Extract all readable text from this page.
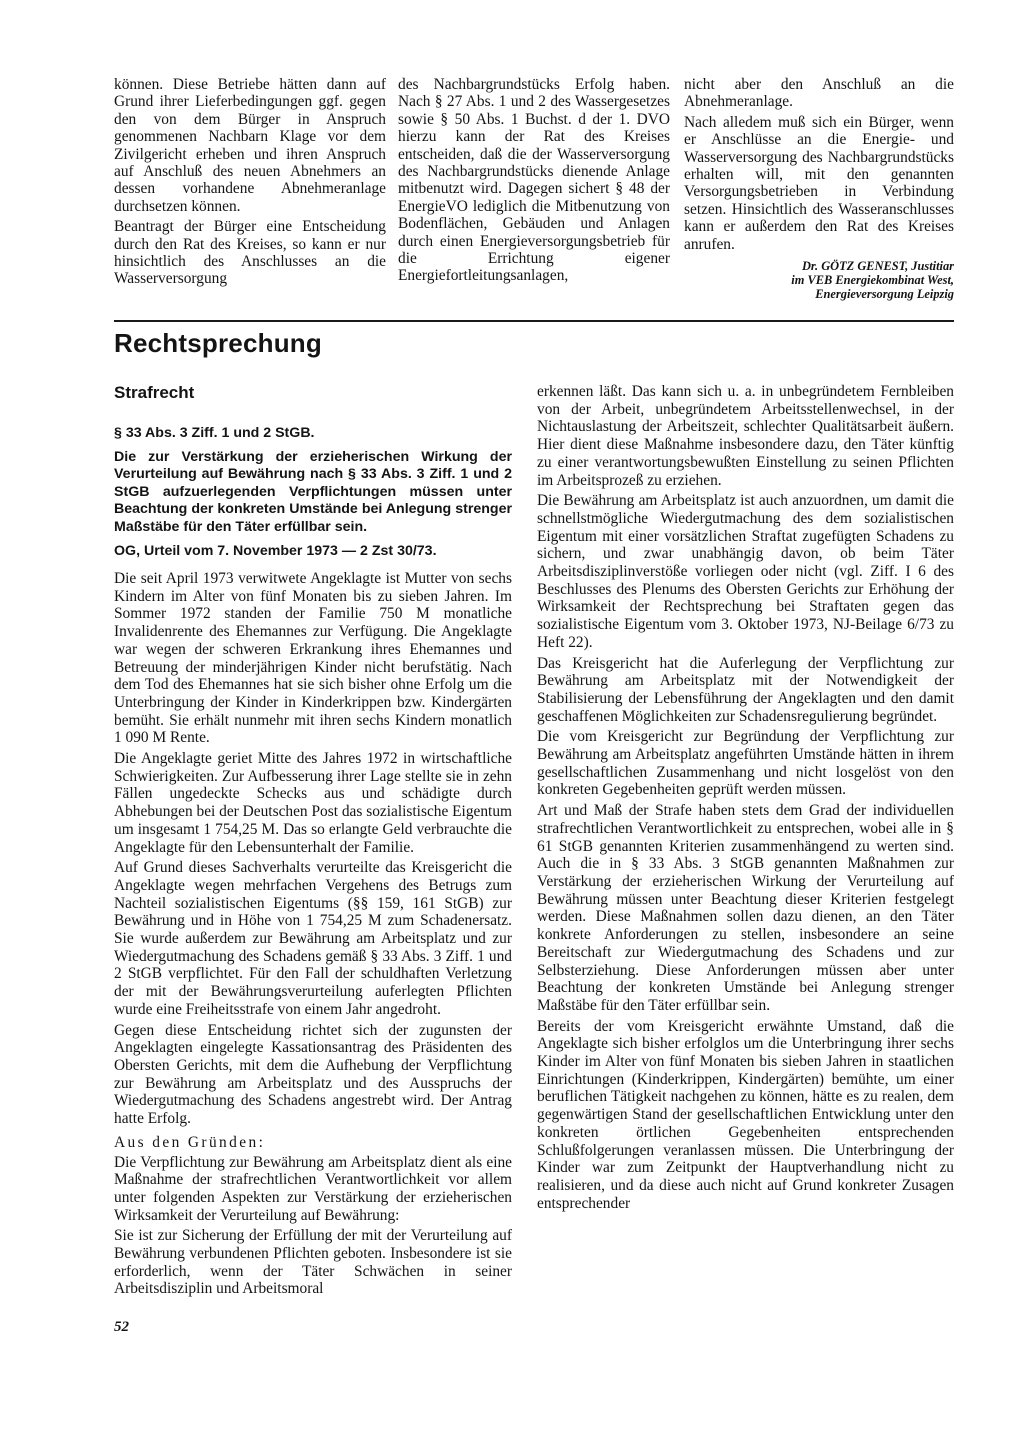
können. Diese Betriebe hätten dann auf Grund ihrer Lieferbedingungen ggf. gegen den von dem Bürger in Anspruch genommenen Nachbarn Klage vor dem Zivilgericht erheben und ihren Anspruch auf Anschluß des neuen Abnehmers an dessen vorhandene Abnehmeranlage durchsetzen können.

Beantragt der Bürger eine Entscheidung durch den Rat des Kreises, so kann er nur hinsichtlich des Anschlusses an die Wasserversorgung

des Nachbargrundstücks Erfolg haben. Nach § 27 Abs. 1 und 2 des Wassergesetzes sowie § 50 Abs. 1 Buchst. d der 1. DVO hierzu kann der Rat des Kreises entscheiden, daß die der Wasserversorgung des Nachbargrundstücks dienende Anlage mitbenutzt wird. Dagegen sichert § 48 der EnergieVO lediglich die Mitbenutzung von Bodenflächen, Gebäuden und Anlagen durch einen Energieversorgungsbetrieb für die Errichtung eigener Energiefortleitungsanlagen,

nicht aber den Anschluß an die Abnehmeranlage.

Nach alledem muß sich ein Bürger, wenn er Anschlüsse an die Energie- und Wasserversorgung des Nachbargrundstücks erhalten will, mit den genannten Versorgungsbetrieben in Verbindung setzen. Hinsichtlich des Wasseranschlusses kann er außerdem den Rat des Kreises anrufen.

Dr. GÖTZ GENEST, Justitiar
im VEB Energiekombinat West,
Energieversorgung Leipzig
Rechtsprechung
Strafrecht
§ 33 Abs. 3 Ziff. 1 und 2 StGB.
Die zur Verstärkung der erzieherischen Wirkung der Verurteilung auf Bewährung nach § 33 Abs. 3 Ziff. 1 und 2 StGB aufzuerlegenden Verpflichtungen müssen unter Beachtung der konkreten Umstände bei Anlegung strenger Maßstäbe für den Täter erfüllbar sein.
OG, Urteil vom 7. November 1973 — 2 Zst 30/73.

Die seit April 1973 verwitwete Angeklagte ist Mutter von sechs Kindern im Alter von fünf Monaten bis zu sieben Jahren. Im Sommer 1972 standen der Familie 750 M monatliche Invalidenrente des Ehemannes zur Verfügung. Die Angeklagte war wegen der schweren Erkrankung ihres Ehemannes und Betreuung der minderjährigen Kinder nicht berufstätig. Nach dem Tod des Ehemannes hat sie sich bisher ohne Erfolg um die Unterbringung der Kinder in Kinderkrippen bzw. Kindergärten bemüht. Sie erhält nunmehr mit ihren sechs Kindern monatlich 1 090 M Rente.

Die Angeklagte geriet Mitte des Jahres 1972 in wirtschaftliche Schwierigkeiten. Zur Aufbesserung ihrer Lage stellte sie in zehn Fällen ungedeckte Schecks aus und schädigte durch Abhebungen bei der Deutschen Post das sozialistische Eigentum um insgesamt 1 754,25 M. Das so erlangte Geld verbrauchte die Angeklagte für den Lebensunterhalt der Familie.

Auf Grund dieses Sachverhalts verurteilte das Kreisgericht die Angeklagte wegen mehrfachen Vergehens des Betrugs zum Nachteil sozialistischen Eigentums (§§ 159, 161 StGB) zur Bewährung und in Höhe von 1 754,25 M zum Schadenersatz. Sie wurde außerdem zur Bewährung am Arbeitsplatz und zur Wiedergutmachung des Schadens gemäß § 33 Abs. 3 Ziff. 1 und 2 StGB verpflichtet. Für den Fall der schuldhaften Verletzung der mit der Bewährungsverurteilung auferlegten Pflichten wurde eine Freiheitsstrafe von einem Jahr angedroht.

Gegen diese Entscheidung richtet sich der zugunsten der Angeklagten eingelegte Kassationsantrag des Präsidenten des Obersten Gerichts, mit dem die Aufhebung der Verpflichtung zur Bewährung am Arbeitsplatz und des Ausspruchs der Wiedergutmachung des Schadens angestrebt wird. Der Antrag hatte Erfolg.

Aus den Gründen:

Die Verpflichtung zur Bewährung am Arbeitsplatz dient als eine Maßnahme der strafrechtlichen Verantwortlichkeit vor allem unter folgenden Aspekten zur Verstärkung der erzieherischen Wirksamkeit der Verurteilung auf Bewährung:

Sie ist zur Sicherung der Erfüllung der mit der Verurteilung auf Bewährung verbundenen Pflichten geboten. Insbesondere ist sie erforderlich, wenn der Täter Schwächen in seiner Arbeitsdisziplin und Arbeitsmoral

erkennen läßt. Das kann sich u. a. in unbegründetem Fernbleiben von der Arbeit, unbegründetem Arbeitsstellenwechsel, in der Nichtauslastung der Arbeitszeit, schlechter Qualitätsarbeit äußern. Hier dient diese Maßnahme insbesondere dazu, den Täter künftig zu einer verantwortungsbewußten Einstellung zu seinen Pflichten im Arbeitsprozeß zu erziehen.

Die Bewährung am Arbeitsplatz ist auch anzuordnen, um damit die schnellstmögliche Wiedergutmachung des dem sozialistischen Eigentum mit einer vorsätzlichen Straftat zugefügten Schadens zu sichern, und zwar unabhängig davon, ob beim Täter Arbeitsdisziplinverstöße vorliegen oder nicht (vgl. Ziff. I 6 des Beschlusses des Plenums des Obersten Gerichts zur Erhöhung der Wirksamkeit der Rechtsprechung bei Straftaten gegen das sozialistische Eigentum vom 3. Oktober 1973, NJ-Beilage 6/73 zu Heft 22).

Das Kreisgericht hat die Auferlegung der Verpflichtung zur Bewährung am Arbeitsplatz mit der Notwendigkeit der Stabilisierung der Lebensführung der Angeklagten und den damit geschaffenen Möglichkeiten zur Schadensregulierung begründet.

Die vom Kreisgericht zur Begründung der Verpflichtung zur Bewährung am Arbeitsplatz angeführten Umstände hätten in ihrem gesellschaftlichen Zusammenhang und nicht losgelöst von den konkreten Gegebenheiten geprüft werden müssen.

Art und Maß der Strafe haben stets dem Grad der individuellen strafrechtlichen Verantwortlichkeit zu entsprechen, wobei alle in § 61 StGB genannten Kriterien zusammenhängend zu werten sind. Auch die in § 33 Abs. 3 StGB genannten Maßnahmen zur Verstärkung der erzieherischen Wirkung der Verurteilung auf Bewährung müssen unter Beachtung dieser Kriterien festgelegt werden. Diese Maßnahmen sollen dazu dienen, an den Täter konkrete Anforderungen zu stellen, insbesondere an seine Bereitschaft zur Wiedergutmachung des Schadens und zur Selbsterziehung. Diese Anforderungen müssen aber unter Beachtung der konkreten Umstände bei Anlegung strenger Maßstäbe für den Täter erfüllbar sein.

Bereits der vom Kreisgericht erwähnte Umstand, daß die Angeklagte sich bisher erfolglos um die Unterbringung ihrer sechs Kinder im Alter von fünf Monaten bis sieben Jahren in staatlichen Einrichtungen (Kinderkrippen, Kindergärten) bemühte, um einer beruflichen Tätigkeit nachgehen zu können, hätte es zu realen, dem gegenwärtigen Stand der gesellschaftlichen Entwicklung unter den konkreten örtlichen Gegebenheiten entsprechenden Schlußfolgerungen veranlassen müssen. Die Unterbringung der Kinder war zum Zeitpunkt der Hauptverhandlung nicht zu realisieren, und da diese auch nicht auf Grund konkreter Zusagen entsprechender

52
